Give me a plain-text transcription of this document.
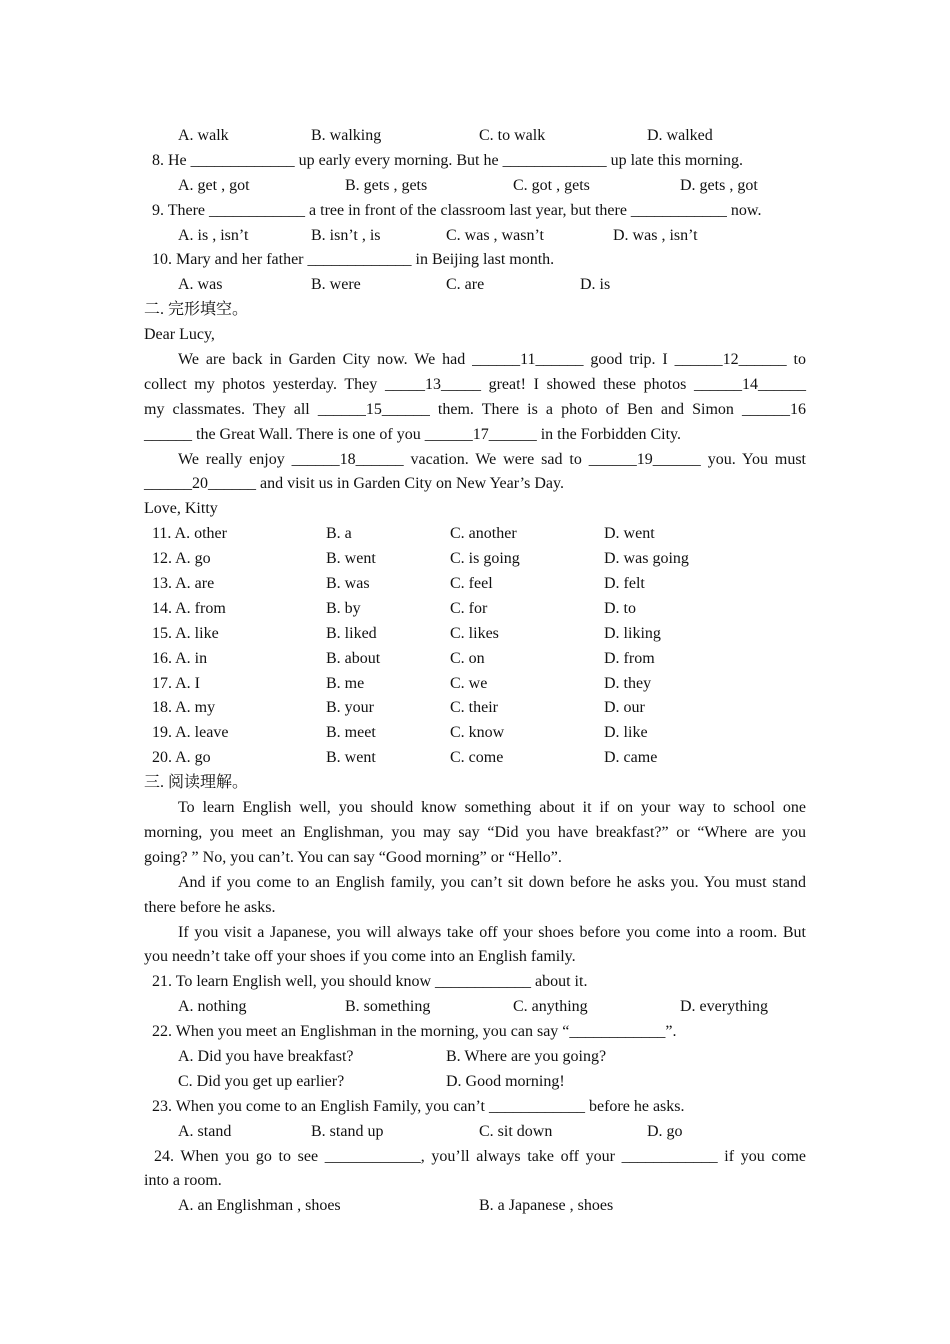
A. walk	B. walking	C. to walk	D. walked
8. He _____________ up early every morning. But he _____________ up late this morning.
A. get , got	B. gets , gets	C. got , gets	D. gets , got
9. There ____________ a tree in front of the classroom last year, but there ____________ now.
A. is , isn’t	B. isn’t , is	C. was , wasn’t	D. was , isn’t
10. Mary and her father _____________ in Beijing last month.
A. was	B. were	C. are	D. is
二. 完形填空。
Dear Lucy,
We are back in Garden City now. We had ______11______ good trip. I ______12______ to
collect my photos yesterday. They _____13_____ great! I showed these photos ______14______
my classmates. They all ______15______ them. There is a photo of Ben and Simon ______16
______ the Great Wall. There is one of you ______17______ in the Forbidden City.
We really enjoy ______18______ vacation. We were sad to ______19______ you. You must
______20______ and visit us in Garden City on New Year’s Day.
Love, Kitty
11. A. other	B. a	C. another	D. went
12. A. go	B. went	C. is going	D. was going
13. A. are	B. was	C. feel	D. felt
14. A. from	B. by	C. for	D. to
15. A. like	B. liked	C. likes	D. liking
16. A. in	B. about	C. on	D. from
17. A. I	B. me	C. we	D. they
18. A. my	B. your	C. their	D. our
19. A. leave	B. meet	C. know	D. like
20. A. go	B. went	C. come	D. came
三. 阅读理解。
To learn English well, you should know something about it if on your way to school one
morning, you meet an Englishman, you may say “Did you have breakfast?” or “Where are you
going? ” No, you can’t. You can say “Good morning” or “Hello”.
And if you come to an English family, you can’t sit down before he asks you. You must stand
there before he asks.
If you visit a Japanese, you will always take off your shoes before you come into a room. But
you needn’t take off your shoes if you come into an English family.
21. To learn English well, you should know ____________ about it.
A. nothing	B. something	C. anything	D. everything
22. When you meet an Englishman in the morning, you can say “____________”.
A. Did you have breakfast?	B. Where are you going?
C. Did you get up earlier?	D. Good morning!
23. When you come to an English Family, you can’t ____________ before he asks.
A. stand	B. stand up	C. sit down	D. go
24. When you go to see ____________, you’ll always take off your ____________ if you come
into a room.
A. an Englishman , shoes	B. a Japanese , shoes
